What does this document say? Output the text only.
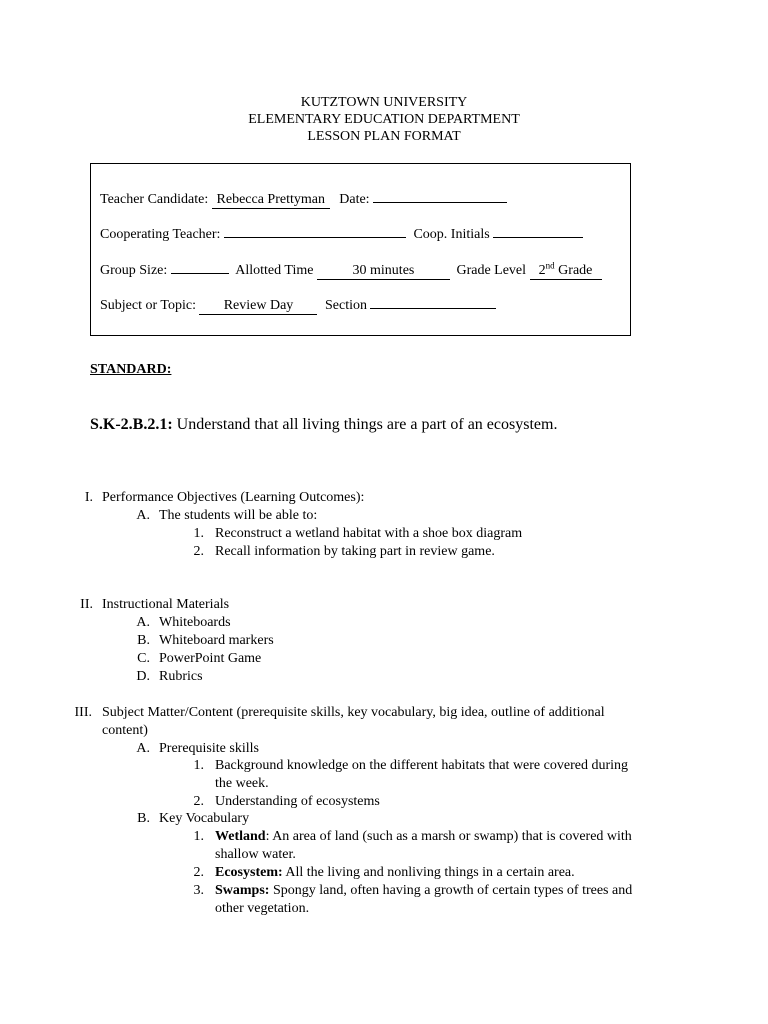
KUTZTOWN UNIVERSITY
ELEMENTARY EDUCATION DEPARTMENT
LESSON PLAN FORMAT
Teacher Candidate: Rebecca Prettyman Date:
Cooperating Teacher:	Coop. Initials
Group Size:	Allotted Time	30 minutes	Grade Level 2nd Grade
Subject or Topic: Review Day Section
STANDARD:
S.K-2.B.2.1: Understand that all living things are a part of an ecosystem.
I. Performance Objectives (Learning Outcomes):
A. The students will be able to:
1. Reconstruct a wetland habitat with a shoe box diagram
2. Recall information by taking part in review game.
II. Instructional Materials
A. Whiteboards
B. Whiteboard markers
C. PowerPoint Game
D. Rubrics
III. Subject Matter/Content (prerequisite skills, key vocabulary, big idea, outline of additional
content)
A. Prerequisite skills
1. Background knowledge on the different habitats that were covered during
the week.
2. Understanding of ecosystems
B. Key Vocabulary
1. Wetland: An area of land (such as a marsh or swamp) that is covered with
shallow water.
2. Ecosystem: All the living and nonliving things in a certain area.
3. Swamps: Spongy land, often having a growth of certain types of trees and
other vegetation.
